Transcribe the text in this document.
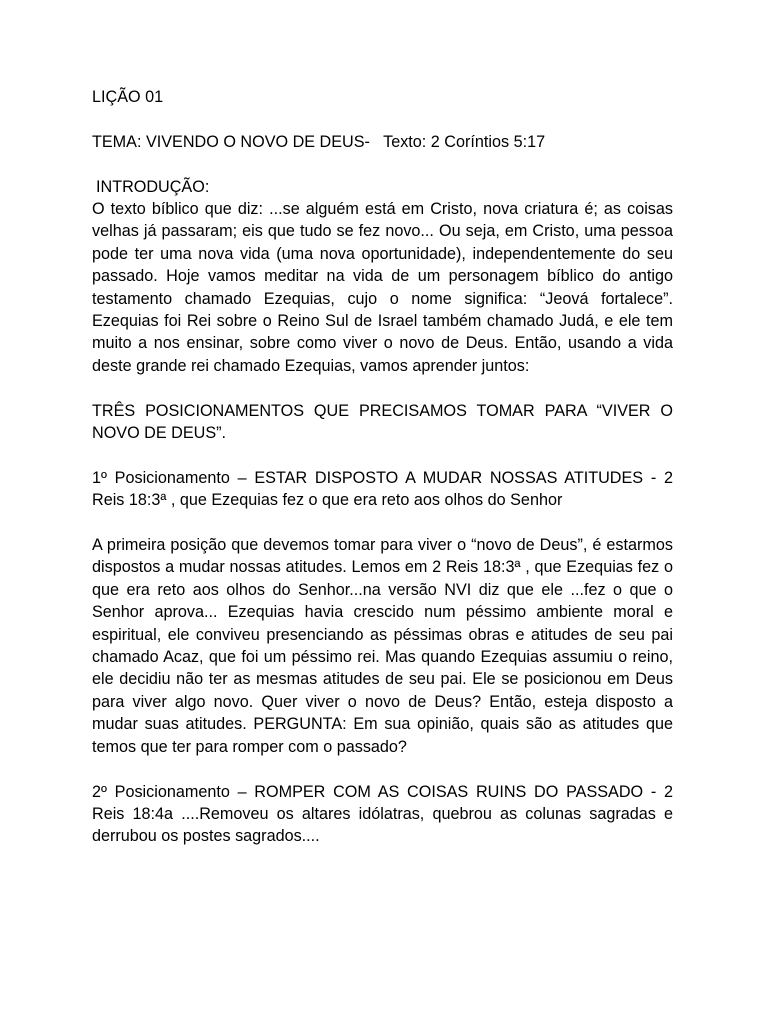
LIÇÃO 01

TEMA: VIVENDO O NOVO DE DEUS-   Texto: 2 Coríntios 5:17

INTRODUÇÃO:

O texto bíblico que diz: ...se alguém está em Cristo, nova criatura é; as coisas velhas já passaram; eis que tudo se fez novo... Ou seja, em Cristo, uma pessoa pode ter uma nova vida (uma nova oportunidade), independentemente do seu passado. Hoje vamos meditar na vida de um personagem bíblico do antigo testamento chamado Ezequias, cujo o nome significa: “Jeová fortalece”. Ezequias foi Rei sobre o Reino Sul de Israel também chamado Judá, e ele tem muito a nos ensinar, sobre como viver o novo de Deus. Então, usando a vida deste grande rei chamado Ezequias, vamos aprender juntos:

TRÊS POSICIONAMENTOS QUE PRECISAMOS TOMAR PARA “VIVER O NOVO DE DEUS”.

1º Posicionamento – ESTAR DISPOSTO A MUDAR NOSSAS ATITUDES - 2 Reis 18:3ª , que Ezequias fez o que era reto aos olhos do Senhor

A primeira posição que devemos tomar para viver o “novo de Deus”, é estarmos dispostos a mudar nossas atitudes. Lemos em 2 Reis 18:3ª , que Ezequias fez o que era reto aos olhos do Senhor...na versão NVI diz que ele ...fez o que o Senhor aprova... Ezequias havia crescido num péssimo ambiente moral e espiritual, ele conviveu presenciando as péssimas obras e atitudes de seu pai chamado Acaz, que foi um péssimo rei. Mas quando Ezequias assumiu o reino, ele decidiu não ter as mesmas atitudes de seu pai. Ele se posicionou em Deus para viver algo novo. Quer viver o novo de Deus? Então, esteja disposto a mudar suas atitudes. PERGUNTA: Em sua opinião, quais são as atitudes que temos que ter para romper com o passado?

2º Posicionamento – ROMPER COM AS COISAS RUINS DO PASSADO - 2 Reis 18:4a ....Removeu os altares idólatras, quebrou as colunas sagradas e derrubou os postes sagrados....
